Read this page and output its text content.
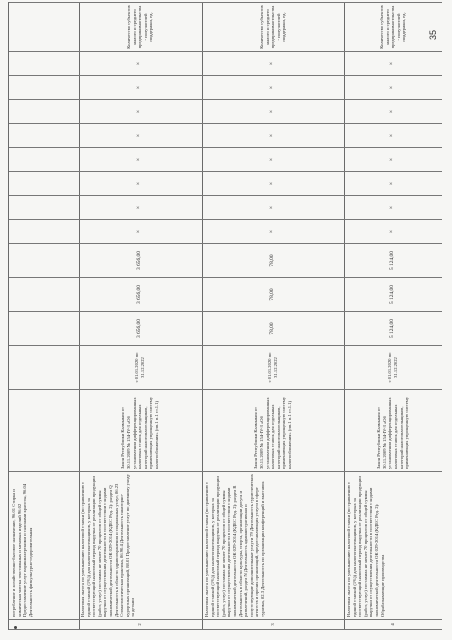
потребление и хозяйственно-бытовое назначение, 96.01 Стирка и химическая чистка текстильных и меховых изделий 96.02 Предоставление услуг парикмахерскими и салонами красоты, 96.04 Деятельность физкультурно-оздоровительная
2
Налоговая льгота по уменьшению налоговой ставки (по сравнению с единой ставкой (1%)) для налогоплательщиков, у которых за соответствующий налоговый период выручка от реализации продукции (работ, услуг) составила не менее 70 процентов от общей суммы выручки от осуществления деятельности в соответствии с кодами экономической деятельности ОК 029-2014 (КДЕС Ред. 2): раздел Q Деятельность в области здравоохранения и социальных услуг, 86.23 Стоматологическая практика, 86.90.4 Деятельность санаторно-курортных организаций, 88.01 Предоставление услуг по дневному уходу за детьми
Закон Республики Калмыкия от 30.11.2009 № 154-IV-З «Об установлении дифференцированных налоговых ставок для отдельных категорий налогоплательщиков, применяющих упрощенную систему налогообложения» (пп.1 п.1 ст.1.1)
с 01.01.2020 по 31.12.2022
3 656,00
3 656,00
3 656,00
×
×
×
×
×
×
×
×
Количество субъектов малого и среднего предпринимательства - получателей поддержки, ед.
3
Налоговая льгота по уменьшению налоговой ставки (по сравнению с единой ставкой (1%)) для налогоплательщиков, у которых за соответствующий налоговый период выручка от реализации продукции (работ, услуг) составила не менее 70 процентов от общей суммы выручки от осуществления деятельности в соответствии с кодами экономической деятельности ОК 029-2014 (КДЕС Ред. 2): раздел R Деятельность в области культуры, спорта, организации досуга и развлечений, раздел N Деятельность административная и сопутствующие дополнительные услуги 79 Деятельность туристических агентств и прочих организаций, предоставляющих услуги в сфере туризма, 82.3 Деятельность по организации конференций и выставок
Закон Республики Калмыкия от 30.11.2009 № 154-IV-З «Об установлении дифференцированных налоговых ставок для отдельных категорий налогоплательщиков, применяющих упрощенную систему налогообложения» (пп.1 п.1 ст.1.1)
с 01.01.2020 по 31.12.2022
78,00
78,00
78,00
×
×
×
×
×
×
×
×
Количество субъектов малого и среднего предпринимательства - получателей поддержки, ед.
4
Налоговая льгота по уменьшению налоговой ставки (по сравнению с единой ставкой (1%)) для налогоплательщиков, у которых за соответствующий налоговый период выручка от реализации продукции (работ, услуг) составила не менее 70 процентов от общей суммы выручки от осуществления деятельности в соответствии с кодами экономической деятельности ОК 029-2014 (КДЕС Ред. 2): Обрабатывающие производства
Закон Республики Калмыкия от 30.11.2009 № 154-IV-З «Об установлении дифференцированных налоговых ставок для отдельных категорий налогоплательщиков, применяющих упрощенную систему
с 01.01.2020 по 31.12.2022
5 124,00
5 124,00
5 124,00
×
×
×
×
×
×
×
×
Количество субъектов малого и среднего предпринимательства - получателей поддержки, ед. 35
